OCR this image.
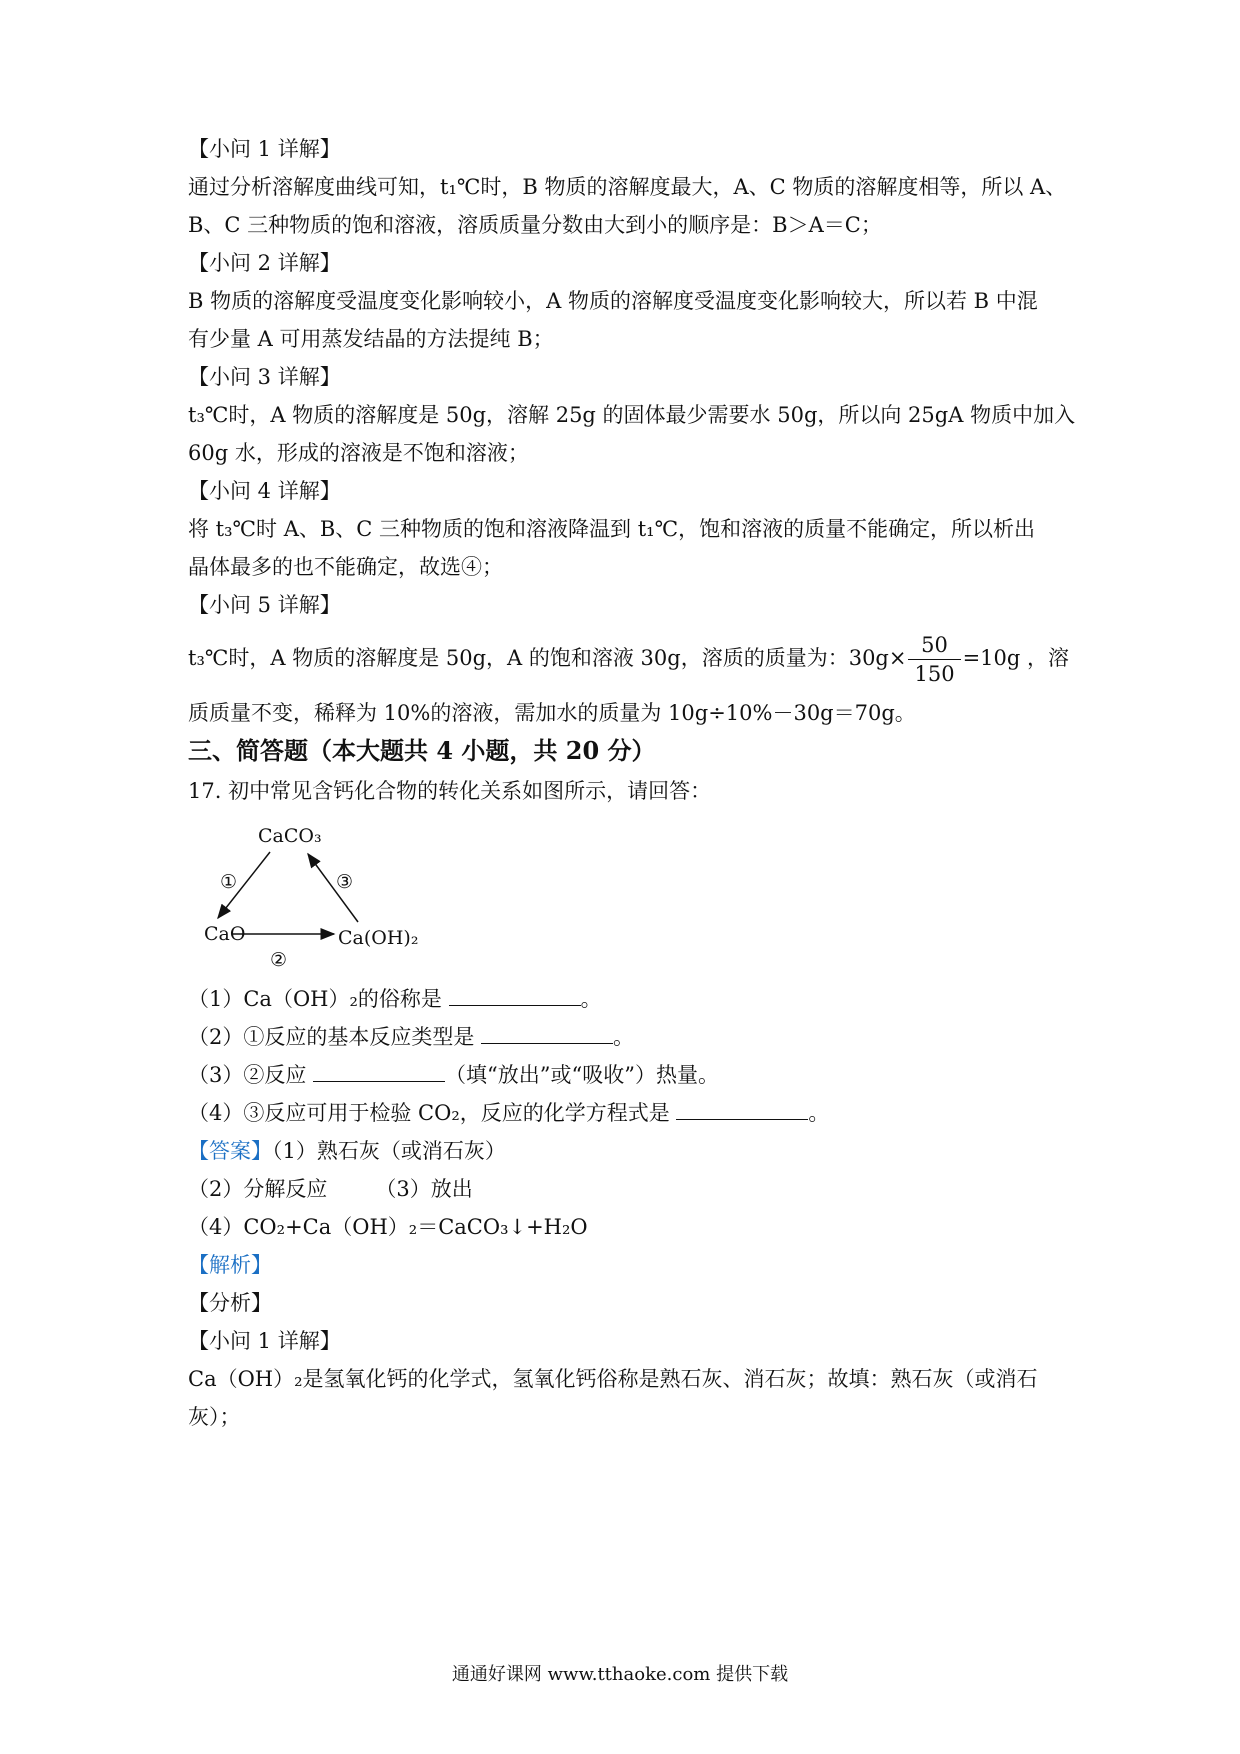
【小问 1 详解】
通过分析溶解度曲线可知，t₁℃时，B 物质的溶解度最大，A、C 物质的溶解度相等，所以 A、
B、C 三种物质的饱和溶液，溶质质量分数由大到小的顺序是：B＞A＝C；
【小问 2 详解】
B 物质的溶解度受温度变化影响较小，A 物质的溶解度受温度变化影响较大，所以若 B 中混
有少量 A 可用蒸发结晶的方法提纯 B；
【小问 3 详解】
t₃℃时，A 物质的溶解度是 50g，溶解 25g 的固体最少需要水 50g，所以向 25gA 物质中加入
60g 水，形成的溶液是不饱和溶液；
【小问 4 详解】
将 t₃℃时 A、B、C 三种物质的饱和溶液降温到 t₁℃，饱和溶液的质量不能确定，所以析出
晶体最多的也不能确定，故选④；
【小问 5 详解】
t₃℃时，A 物质的溶解度是 50g，A 的饱和溶液 30g，溶质的质量为：$30g\times \frac{50}{150} =10g$ ，溶
质质量不变，稀释为 10%的溶液，需加水的质量为 10g÷10%－30g＝70g。
三、简答题（本大题共 4 小题，共 20 分）
17. 初中常见含钙化合物的转化关系如图所示，请回答：
CaCO₃
CaO	Ca(OH)₂
①
②
③
（1）Ca（OH）₂的俗称是	。
（2）①反应的基本反应类型是	。
（3）②反应	（填“放出”或“吸收”）热量。
（4）③反应可用于检验 CO₂，反应的化学方程式是	。
【答案】（1）熟石灰（或消石灰）
（2）分解反应 （3）放出
（4）CO₂+Ca（OH）₂＝CaCO₃↓+H₂O
【解析】
【分析】
【小问 1 详解】
Ca（OH）₂是氢氧化钙的化学式，氢氧化钙俗称是熟石灰、消石灰；故填：熟石灰（或消石
灰）；
通通好课网 www.tthaoke.com 提供下载
